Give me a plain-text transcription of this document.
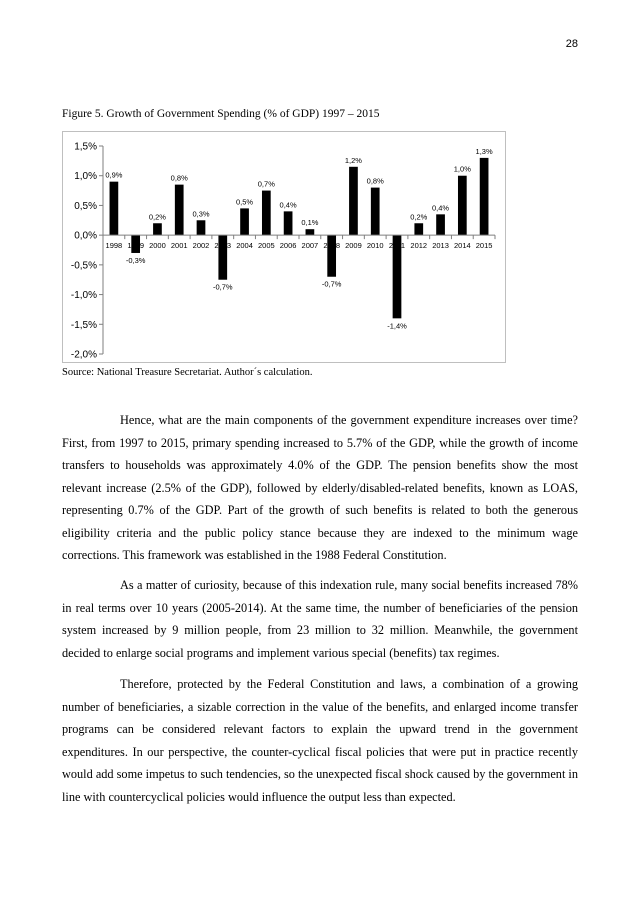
28
Figure 5. Growth of Government Spending (% of GDP) 1997 – 2015
1,5%
1,0%
0,5%
0,0%
-0,5%
-1,0%
-1,5%
-2,0%
0,9%
-0,3%
0,2%
0,8%
0,3%
-0,7%
0,5%
0,7%
0,4%
0,1%
-0,7%
1,2%
0,8%
-1,4%
0,2%
0,4%
1,0%
1,3%
1998 1999 2000 2001 2002 2003 2004 2005 2006 2007 2008 2009 2010 2011 2012 2013 2014 2015
Source: National Treasure Secretariat. Author´s calculation.

Hence, what are the main components of the government expenditure increases over time? First, from 1997 to 2015, primary spending increased to 5.7% of the GDP, while the growth of income transfers to households was approximately 4.0% of the GDP. The pension benefits show the most relevant increase (2.5% of the GDP), followed by elderly/disabled-related benefits, known as LOAS, representing 0.7% of the GDP. Part of the growth of such benefits is related to both the generous eligibility criteria and the public policy stance because they are indexed to the minimum wage corrections. This framework was established in the 1988 Federal Constitution.

As a matter of curiosity, because of this indexation rule, many social benefits increased 78% in real terms over 10 years (2005-2014). At the same time, the number of beneficiaries of the pension system increased by 9 million people, from 23 million to 32 million. Meanwhile, the government decided to enlarge social programs and implement various special (benefits) tax regimes.

Therefore, protected by the Federal Constitution and laws, a combination of a growing number of beneficiaries, a sizable correction in the value of the benefits, and enlarged income transfer programs can be considered relevant factors to explain the upward trend in the government expenditures. In our perspective, the counter-cyclical fiscal policies that were put in practice recently would add some impetus to such tendencies, so the unexpected fiscal shock caused by the government in line with countercyclical policies would influence the output less than expected.
